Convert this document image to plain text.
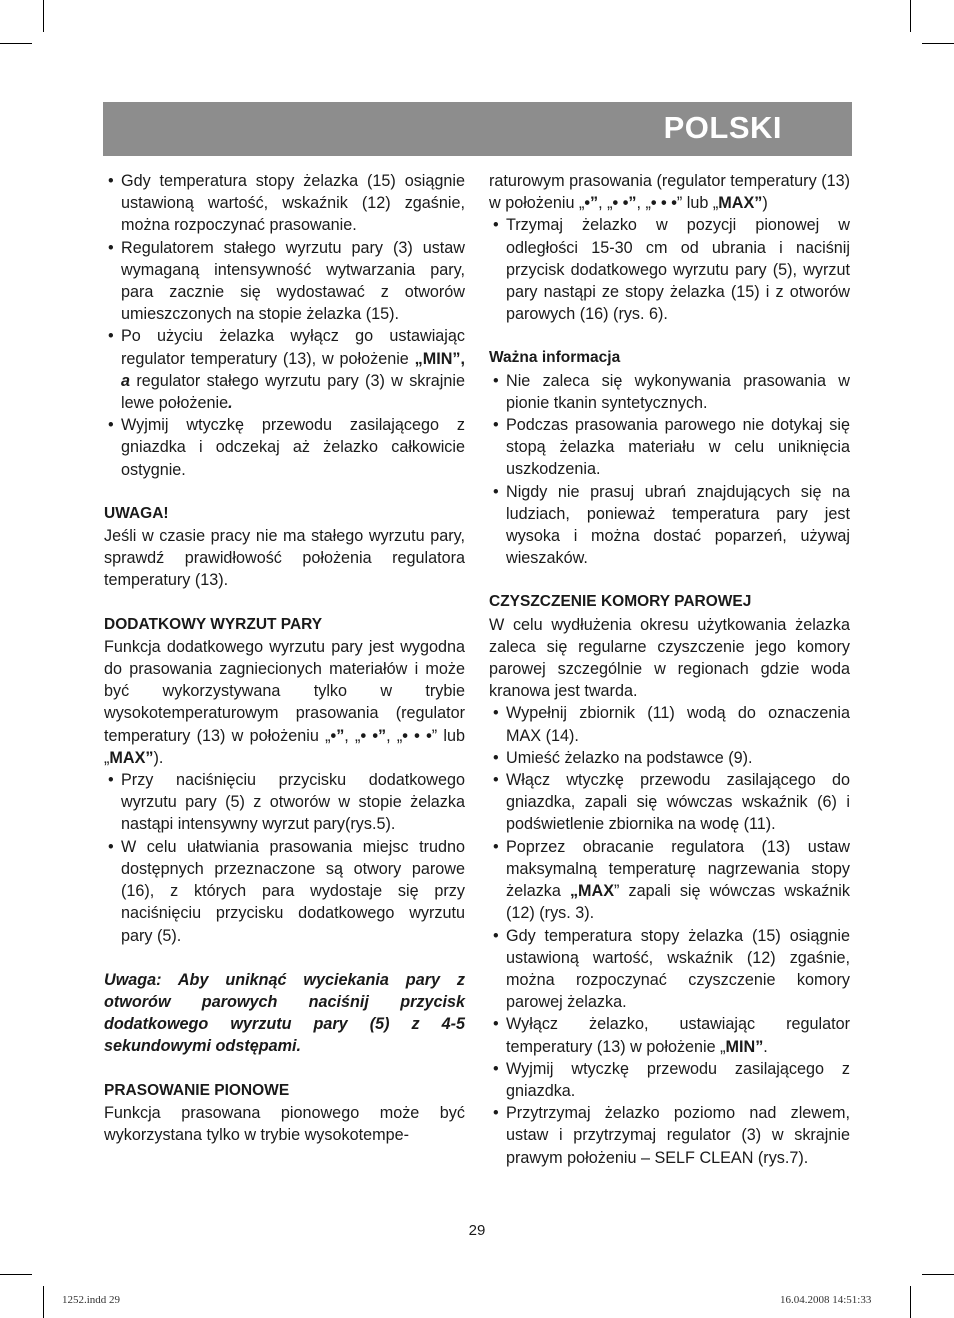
POLSKI
• Gdy temperatura stopy żelazka (15) osiągnie ustawioną wartość, wskaźnik (12) zgaśnie, można rozpoczynać prasowanie.
• Regulatorem stałego wyrzutu pary (3) ustaw wymaganą intensywność wytwarzania pary, para zacznie się wydostawać z otworów umieszczonych na stopie żelazka (15).
• Po użyciu żelazka wyłącz go ustawiając regulator temperatury (13), w położenie „MIN”, a regulator stałego wyrzutu pary (3) w skrajnie lewe położenie.
• Wyjmij wtyczkę przewodu zasilającego z gniazdka i odczekaj aż żelazko całkowicie ostygnie.

UWAGA!

Jeśli w czasie pracy nie ma stałego wyrzutu pary, sprawdź prawidłowość położenia regulatora temperatury (13).

DODATKOWY WYRZUT PARY

Funkcja dodatkowego wyrzutu pary jest wygodna do prasowania zagniecionych materiałów i może być wykorzystywana tylko w trybie wysokotemperaturowym prasowania (regulator temperatury (13) w położeniu „•”, „• •”, „• • •” lub „MAX”).

• Przy naciśnięciu przycisku dodatkowego wyrzutu pary (5) z otworów w stopie żelazka nastąpi intensywny wyrzut pary(rys.5).
• W celu ułatwiania prasowania miejsc trudno dostępnych przeznaczone są otwory parowe (16), z których para wydostaje się przy naciśnięciu przycisku dodatkowego wyrzutu pary (5).

Uwaga: Aby uniknąć wyciekania pary z otworów parowych naciśnij przycisk dodatkowego wyrzutu pary (5) z 4-5 sekundowymi odstępami.

PRASOWANIE PIONOWE

Funkcja prasowana pionowego może być wykorzystana tylko w trybie wysokotempe-

raturowym prasowania (regulator temperatury (13) w położeniu „•”, „• •”, „• • •” lub „MAX”)

• Trzymaj żelazko w pozycji pionowej w odległości 15-30 cm od ubrania i naciśnij przycisk dodatkowego wyrzutu pary (5), wyrzut pary nastąpi ze stopy żelazka (15) i z otworów parowych (16) (rys. 6).

Ważna informacja

• Nie zaleca się wykonywania prasowania w pionie tkanin syntetycznych.
• Podczas prasowania parowego nie dotykaj się stopą żelazka materiału w celu uniknięcia uszkodzenia.
• Nigdy nie prasuj ubrań znajdujących się na ludziach, ponieważ temperatura pary jest wysoka i można dostać poparzeń, używaj wieszaków.

CZYSZCZENIE KOMORY PAROWEJ

W celu wydłużenia okresu użytkowania żelazka zaleca się regularne czyszczenie jego komory parowej szczególnie w regionach gdzie woda kranowa jest twarda.

• Wypełnij zbiornik (11) wodą do oznaczenia MAX (14).
• Umieść żelazko na podstawce (9).
• Włącz wtyczkę przewodu zasilającego do gniazdka, zapali się wówczas wskaźnik (6) i podświetlenie zbiornika na wodę (11).
• Poprzez obracanie regulatora (13) ustaw maksymalną temperaturę nagrzewania stopy żelazka „MAX” zapali się wówczas wskaźnik (12) (rys. 3).
• Gdy temperatura stopy żelazka (15) osiągnie ustawioną wartość, wskaźnik (12) zgaśnie, można rozpoczynać czyszczenie komory parowej żelazka.
• Wyłącz żelazko, ustawiając regulator temperatury (13) w położenie „MIN”.
• Wyjmij wtyczkę przewodu zasilającego z gniazdka.
• Przytrzymaj żelazko poziomo nad zlewem, ustaw i przytrzymaj regulator (3) w skrajnie prawym położeniu – SELF CLEAN (rys.7).
29
1252.indd 29	16.04.2008 14:51:33
